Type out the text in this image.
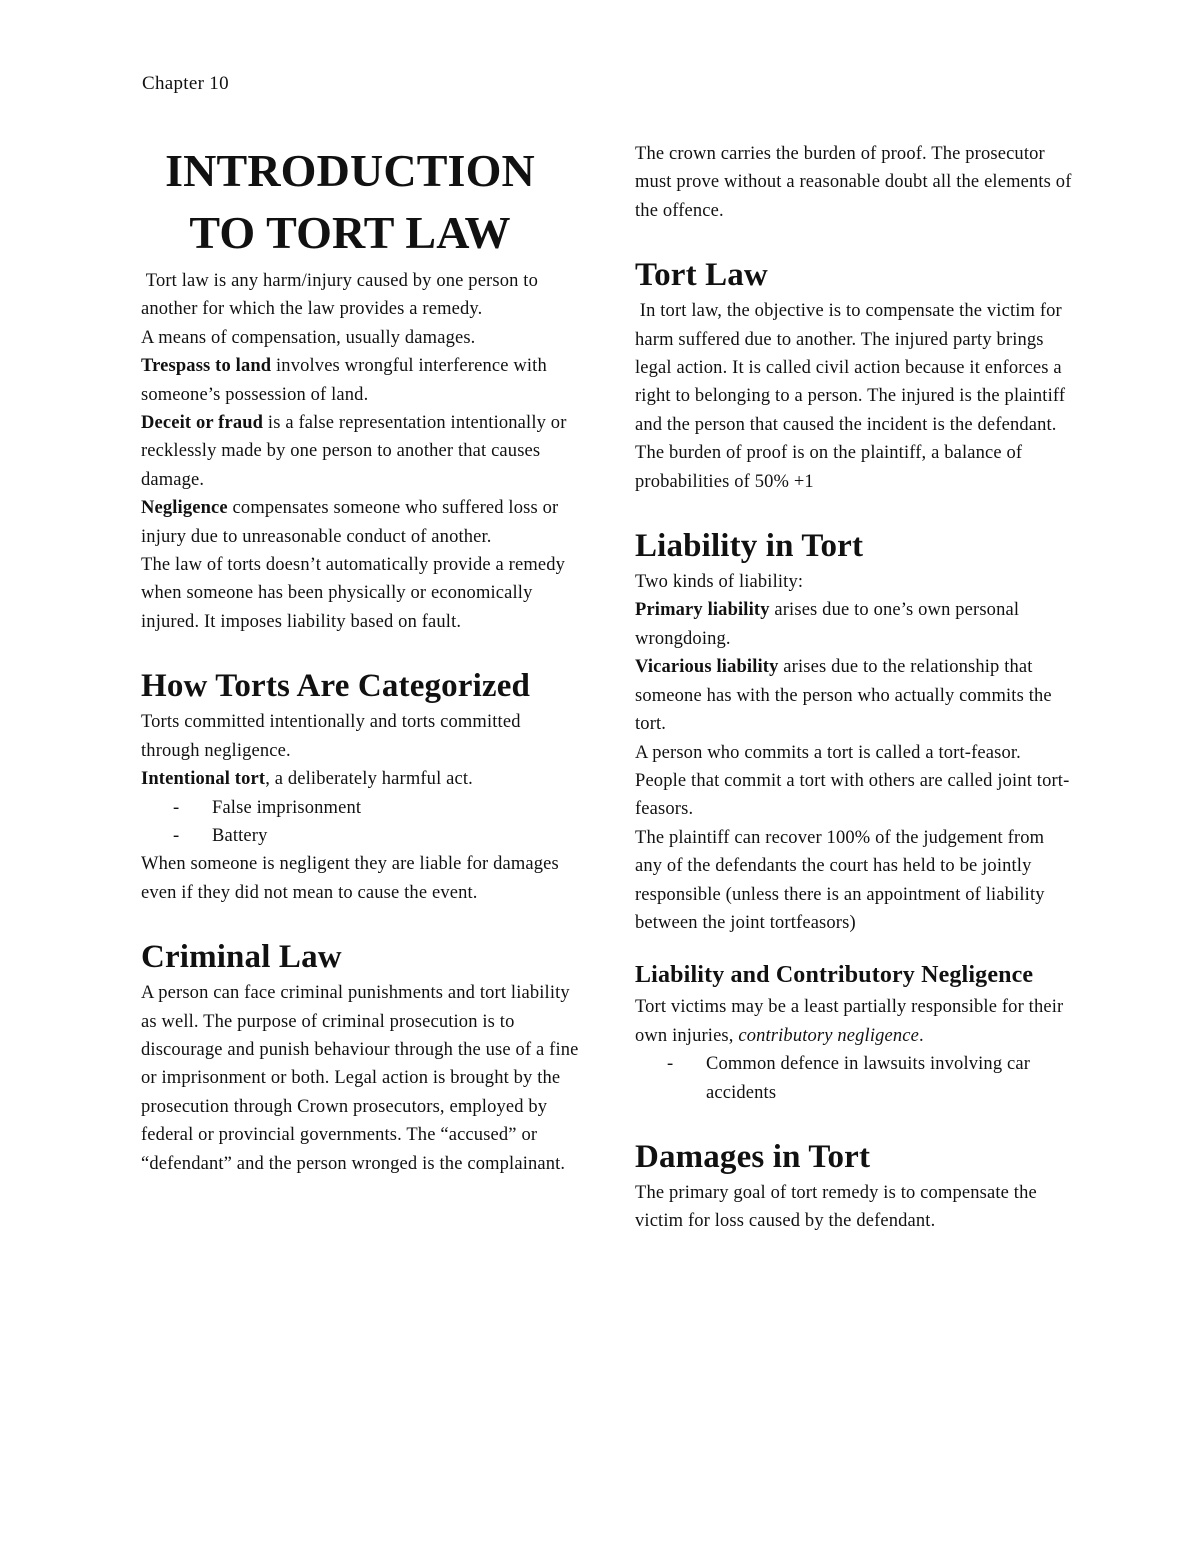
Chapter 10
INTRODUCTION
TO TORT LAW

Tort law is any harm/injury caused by one person to another for which the law provides a remedy.

A means of compensation, usually damages.

Trespass to land involves wrongful interference with someone’s possession of land.

Deceit or fraud is a false representation intentionally or recklessly made by one person to another that causes damage.

Negligence compensates someone who suffered loss or injury due to unreasonable conduct of another.

The law of torts doesn’t automatically provide a remedy when someone has been physically or economically injured. It imposes liability based on fault.

How Torts Are Categorized

Torts committed intentionally and torts committed through negligence.

Intentional tort, a deliberately harmful act.

- False imprisonment
- Battery

When someone is negligent they are liable for damages even if they did not mean to cause the event.

Criminal Law

A person can face criminal punishments and tort liability as well. The purpose of criminal prosecution is to discourage and punish behaviour through the use of a fine or imprisonment or both. Legal action is brought by the prosecution through Crown prosecutors, employed by federal or provincial governments. The “accused” or “defendant” and the person wronged is the complainant.

The crown carries the burden of proof. The prosecutor must prove without a reasonable doubt all the elements of the offence.

Tort Law

In tort law, the objective is to compensate the victim for harm suffered due to another. The injured party brings legal action. It is called civil action because it enforces a right to belonging to a person. The injured is the plaintiff and the person that caused the incident is the defendant. The burden of proof is on the plaintiff, a balance of probabilities of 50% +1

Liability in Tort

Two kinds of liability:

Primary liability arises due to one’s own personal wrongdoing.

Vicarious liability arises due to the relationship that someone has with the person who actually commits the tort.

A person who commits a tort is called a tort-feasor. People that commit a tort with others are called joint tort-feasors.

The plaintiff can recover 100% of the judgement from any of the defendants the court has held to be jointly responsible (unless there is an appointment of liability between the joint tortfeasors)

Liability and Contributory Negligence

Tort victims may be a least partially responsible for their own injuries, contributory negligence.

- Common defence in lawsuits involving car accidents
Damages in Tort

The primary goal of tort remedy is to compensate the victim for loss caused by the defendant.
